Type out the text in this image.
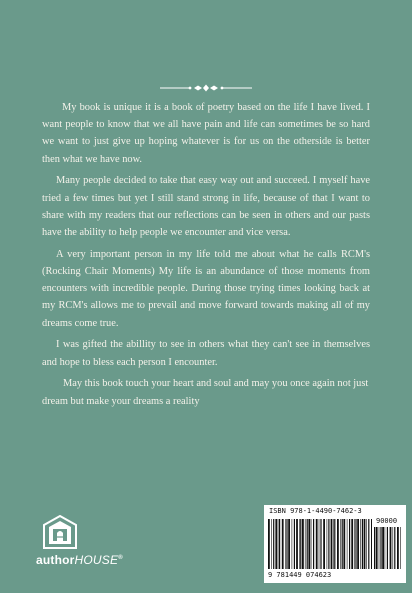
My book is unique it is a book of poetry based on the life I have lived. I want people to know that we all have pain and life can sometimes be so hard we want to just give up hoping whatever is for us on the otherside is better then what we have now.

Many people decided to take that easy way out and succeed. I myself have tried a few times but yet I still stand strong in life, because of that I want to share with my readers that our reflections can be seen in others and our pasts have the ability to help people we encounter and vice versa.

A very important person in my life told me about what he calls RCM's (Rocking Chair Moments) My life is an abundance of those moments from encounters with incredible people. During those trying times looking back at my RCM's allows me to prevail and move forward towards making all of my dreams come true.

I was gifted the abillity to see in others what they can't see in themselves and hope to bless each person I encounter.

May this book touch your heart and soul and may you once again not just dream but make your dreams a reality

authorHOUSE®
ISBN 978-1-4490-7462-3
90000
9 781449 074623
